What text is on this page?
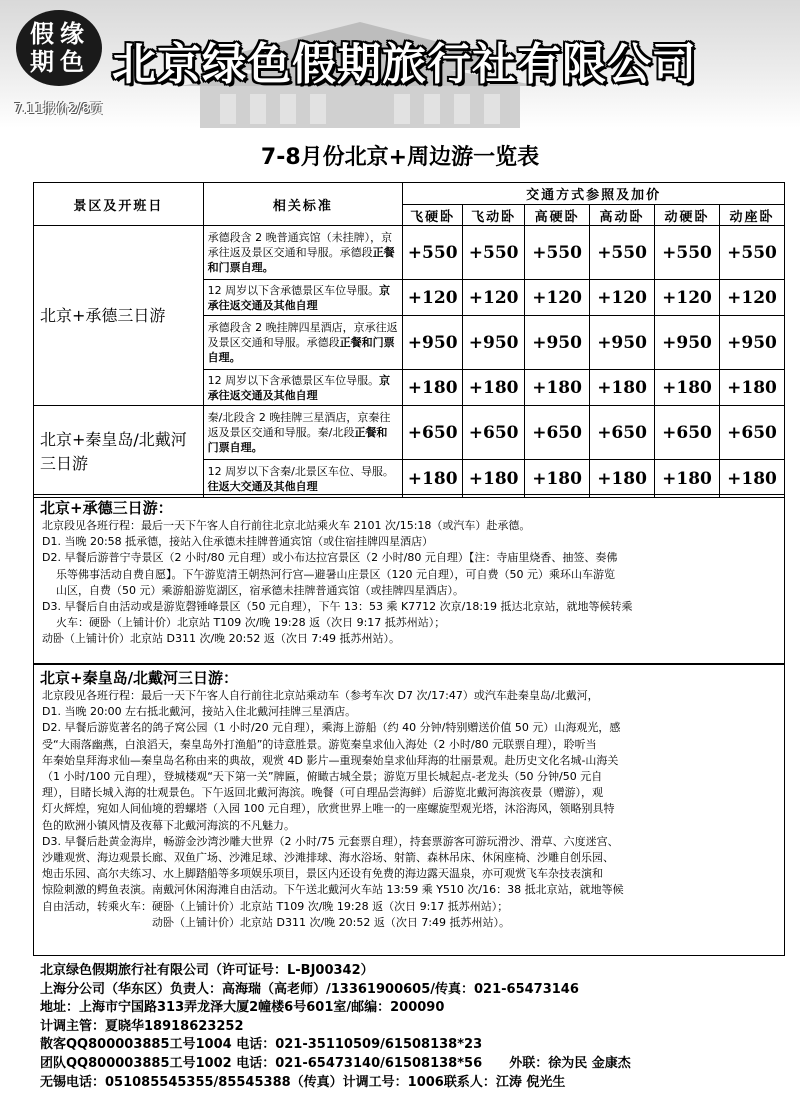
假 缘
期 色 北京绿色假期旅行社有限公司
7.11报价2/8页
7-8月份北京+周边游一览表
景区及开班日	相关标准	交通方式参照及加价					
		飞硬卧	飞动卧	高硬卧	高动卧	动硬卧	动座卧
北京+承德三日游	承德段含 2 晚普通宾馆（未挂牌），京承往返及景区交通和导服。承德段正餐和门票自理。	+550	+550	+550	+550	+550	+550
	12 周岁以下含承德景区车位导服。京承往返交通及其他自理	+120	+120	+120	+120	+120	+120
	承德段含 2 晚挂牌四星酒店，京承往返及景区交通和导服。承德段正餐和门票自理。	+950	+950	+950	+950	+950	+950
	12 周岁以下含承德景区车位导服。京承往返交通及其他自理	+180	+180	+180	+180	+180	+180
北京+秦皇岛/北戴河三日游	秦/北段含 2 晚挂牌三星酒店，京秦往返及景区交通和导服。秦/北段正餐和门票自理。	+650	+650	+650	+650	+650	+650
	12 周岁以下含秦/北景区车位、导服。往返大交通及其他自理	+180	+180	+180	+180	+180	+180
北京+承德三日游：

北京段见各班行程：最后一天下午客人自行前往北京北站乘火车 2101 次/15:18（或汽车）赴承德。

D1. 当晚 20:58 抵承德，接站入住承德未挂牌普通宾馆（或住宿挂牌四星酒店）

D2. 早餐后游普宁寺景区（2 小时/80 元自理）或小布达拉宫景区（2 小时/80 元自理）【注：寺庙里烧香、抽签、奏佛

乐等佛事活动自费自愿】。下午游览清王朝热河行宫—避暑山庄景区（120 元自理），可自费（50 元）乘环山车游览

山区，自费（50 元）乘游船游览湖区，宿承德未挂牌普通宾馆（或挂牌四星酒店）。

D3. 早餐后自由活动或是游览磬锤峰景区（50 元自理），下午 13：53 乘 K7712 次京/18:19 抵达北京站，就地等候转乘

火车：硬卧（上铺计价）北京站 T109 次/晚 19:28 返（次日 9:17 抵苏州站）；

动卧（上铺计价）北京站 D311 次/晚 20:52 返（次日 7:49 抵苏州站）。

北京+秦皇岛/北戴河三日游：

北京段见各班行程：最后一天下午客人自行前往北京站乘动车（参考车次 D7 次/17:47）或汽车赴秦皇岛/北戴河，

D1. 当晚 20:00 左右抵北戴河，接站入住北戴河挂牌三星酒店。

D2. 早餐后游览著名的鸽子窝公园（1 小时/20 元自理），乘海上游船（约 40 分钟/特别赠送价值 50 元）山海观光，感

受“大雨落幽燕，白浪滔天，秦皇岛外打渔船”的诗意胜景。游览秦皇求仙入海处（2 小时/80 元联票自理），聆听当

年秦始皇拜海求仙—秦皇岛名称由来的典故，观赏 4D 影片—重现秦始皇求仙拜海的壮丽景观。赴历史文化名城-山海关

（1 小时/100 元自理），登城楼观“天下第一关”牌匾，俯瞰古城全景；游览万里长城起点-老龙头（50 分钟/50 元自

理），目睹长城入海的壮观景色。下午返回北戴河海滨。晚餐（可自理品尝海鲜）后游览北戴河海滨夜景（赠游），观

灯火辉煌，宛如人间仙境的碧螺塔（入园 100 元自理），欣赏世界上唯一的一座螺旋型观光塔，沐浴海风，领略别具特

色的欧洲小镇风情及夜幕下北戴河海滨的不凡魅力。

D3. 早餐后赴黄金海岸，畅游金沙湾沙雕大世界（2 小时/75 元套票自理），持套票游客可游玩滑沙、滑草、六度迷宫、

沙雕观赏、海边观景长廊、双鱼广场、沙滩足球、沙滩排球、海水浴场、射箭、森林吊床、休闲座椅、沙雕自创乐园、

炮击乐园、高尔夫练习、水上脚踏船等多项娱乐项目，景区内还设有免费的海边露天温泉，亦可观赏飞车杂技表演和

惊险刺激的鳄鱼表演。南戴河休闲海滩自由活动。下午送北戴河火车站 13:59 乘 Y510 次/16：38 抵北京站，就地等候

自由活动，转乘火车：硬卧（上铺计价）北京站 T109 次/晚 19:28 返（次日 9:17 抵苏州站）；

动卧（上铺计价）北京站 D311 次/晚 20:52 返（次日 7:49 抵苏州站）。

北京绿色假期旅行社有限公司（许可证号：L-BJ00342）

上海分公司（华东区）负责人：高海瑞（高老师）/13361900605/传真：021-65473146

地址：上海市宁国路313弄龙泽大厦2幢楼6号601室/邮编：200090

计调主管：夏晓华18918623252

散客QQ800003885工号1004 电话：021-35110509/61508138*23

团队QQ800003885工号1002 电话：021-65473140/61508138*56      外联：徐为民 金康杰

无锡电话：051085545355/85545388（传真）计调工号：1006联系人：江涛 倪光生
